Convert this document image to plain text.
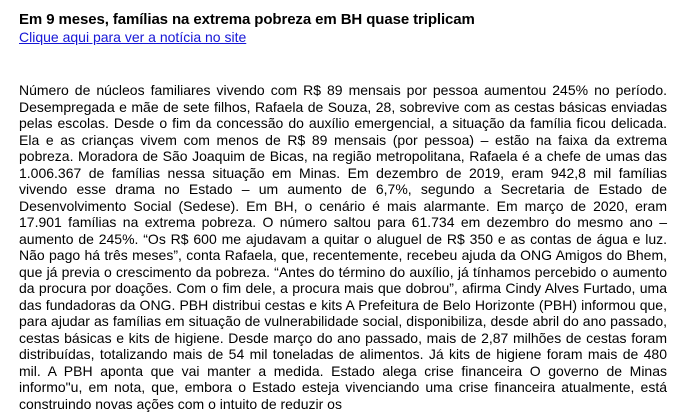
Em 9 meses, famílias na extrema pobreza em BH quase triplicam
Clique aqui para ver a notícia no site

Número de núcleos familiares vivendo com R$ 89 mensais por pessoa aumentou 245% no período. Desempregada e mãe de sete filhos, Rafaela de Souza, 28, sobrevive com as cestas básicas enviadas pelas escolas. Desde o fim da concessão do auxílio emergencial, a situação da família ficou delicada. Ela e as crianças vivem com menos de R$ 89 mensais (por pessoa) – estão na faixa da extrema pobreza. Moradora de São Joaquim de Bicas, na região metropolitana, Rafaela é a chefe de umas das 1.006.367 de famílias nessa situação em Minas. Em dezembro de 2019, eram 942,8 mil famílias vivendo esse drama no Estado – um aumento de 6,7%, segundo a Secretaria de Estado de Desenvolvimento Social (Sedese). Em BH, o cenário é mais alarmante. Em março de 2020, eram 17.901 famílias na extrema pobreza. O número saltou para 61.734 em dezembro do mesmo ano – aumento de 245%. “Os R$ 600 me ajudavam a quitar o aluguel de R$ 350 e as contas de água e luz. Não pago há três meses”, conta Rafaela, que, recentemente, recebeu ajuda da ONG Amigos do Bhem, que já previa o crescimento da pobreza. “Antes do término do auxílio, já tínhamos percebido o aumento da procura por doações. Com o fim dele, a procura mais que dobrou”, afirma Cindy Alves Furtado, uma das fundadoras da ONG. PBH distribui cestas e kits A Prefeitura de Belo Horizonte (PBH) informou que, para ajudar as famílias em situação de vulnerabilidade social, disponibiliza, desde abril do ano passado, cestas básicas e kits de higiene. Desde março do ano passado, mais de 2,87 milhões de cestas foram distribuídas, totalizando mais de 54 mil toneladas de alimentos. Já kits de higiene foram mais de 480 mil. A PBH aponta que vai manter a medida. Estado alega crise financeira O governo de Minas informo"u, em nota, que, embora o Estado esteja vivenciando uma crise financeira atualmente, está construindo novas ações com o intuito de reduzir os
